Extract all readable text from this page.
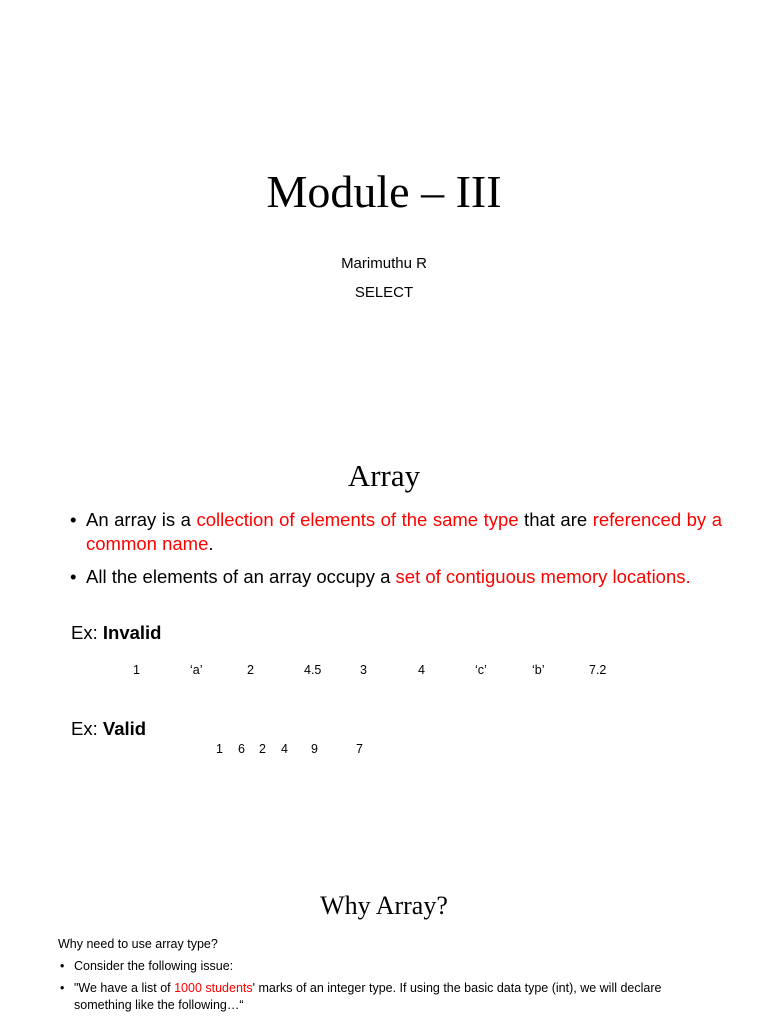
Module – III
Marimuthu R
SELECT
Array
• An array is a collection of elements of the same type that are referenced by a common name.
• All the elements of an array occupy a set of contiguous memory locations.
Ex: Invalid
1	‘a’	2	4.5	3	4	‘c’	‘b’	7.2
Ex: Valid
1 6 2 4 9	7
Why Array?
Why need to use array type?
• Consider the following issue:
• "We have a list of 1000 students' marks of an integer type. If using the basic data type (int), we will declare something like the following…“
